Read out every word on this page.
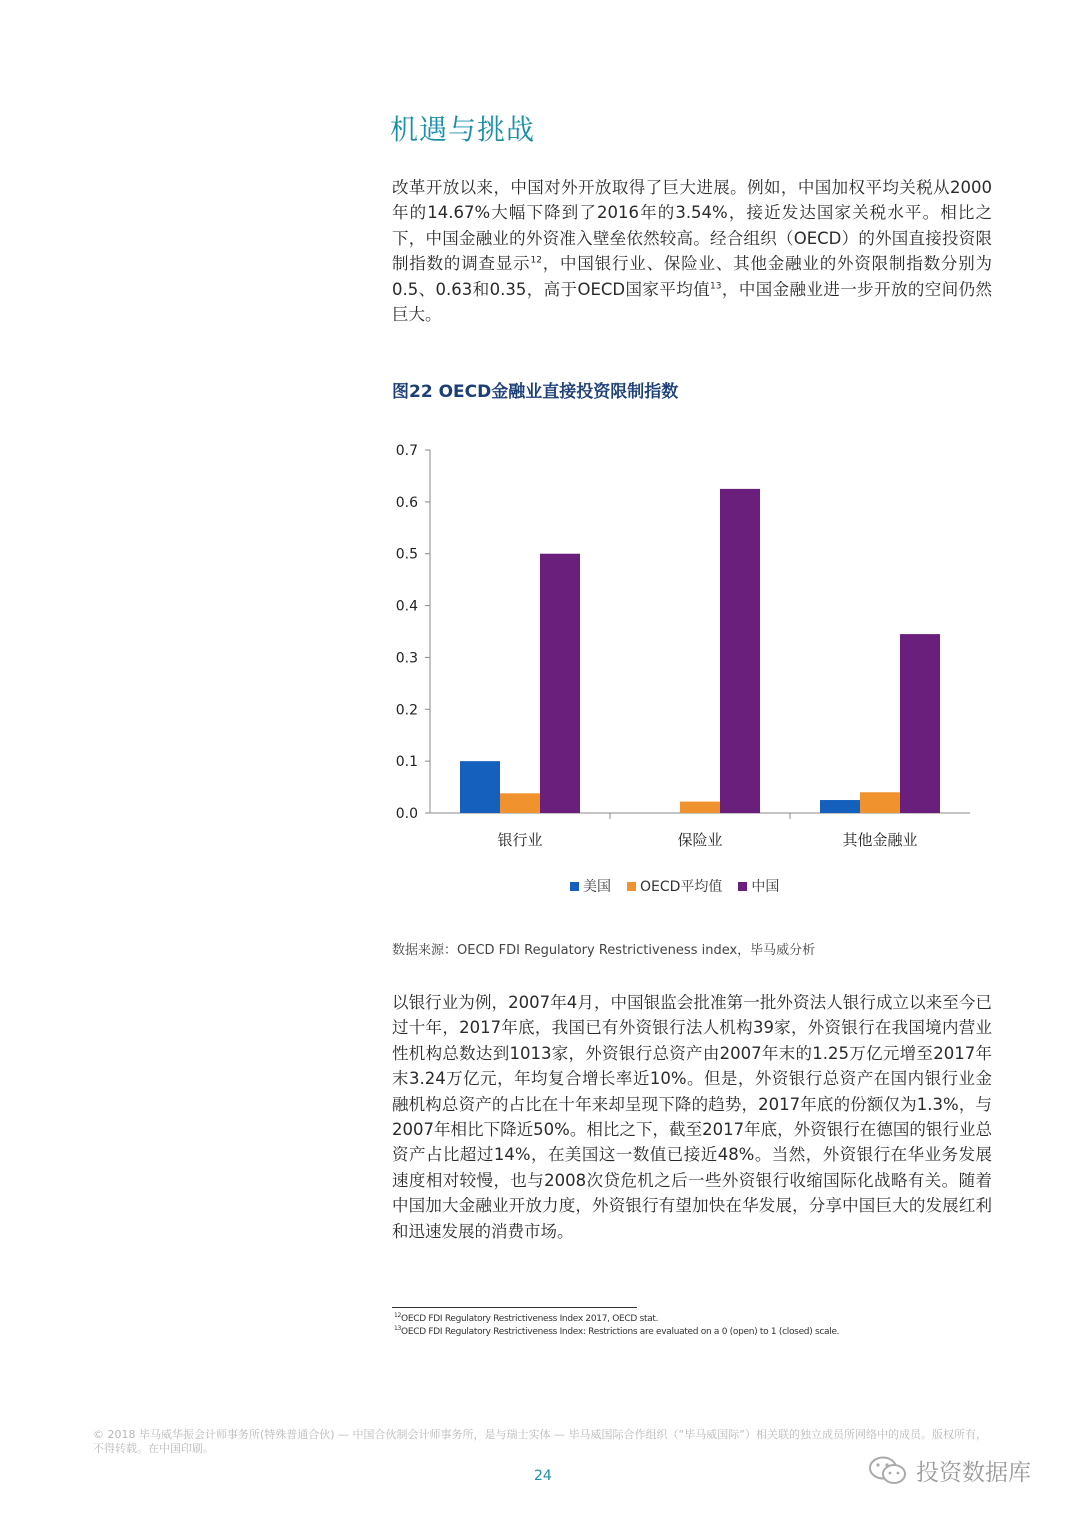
机遇与挑战

改革开放以来，中国对外开放取得了巨大进展。例如，中国加权平均关税从2000年的14.67%大幅下降到了2016年的3.54%，接近发达国家关税水平。相比之下，中国金融业的外资准入壁垒依然较高。经合组织（OECD）的外国直接投资限制指数的调查显示$^{12}$，中国银行业、保险业、其他金融业的外资限制指数分别为0.5、0.63和0.35，高于OECD国家平均值$^{13}$，中国金融业进一步开放的空间仍然巨大。

图22 OECD金融业直接投资限制指数
0.0
0.1
0.2
0.3
0.4
0.5
0.6
0.7
银行业	保险业	其他金融业
美国 OECD平均值 中国
数据来源：OECD FDI Regulatory Restrictiveness index，毕马威分析

以银行业为例，2007年4月，中国银监会批准第一批外资法人银行成立以来至今已过十年，2017年底，我国已有外资银行法人机构39家，外资银行在我国境内营业性机构总数达到1013家，外资银行总资产由2007年末的1.25万亿元增至2017年末3.24万亿元，年均复合增长率近10%。但是，外资银行总资产在国内银行业金融机构总资产的占比在十年来却呈现下降的趋势，2017年底的份额仅为1.3%，与2007年相比下降近50%。相比之下，截至2017年底，外资银行在德国的银行业总资产占比超过14%，在美国这一数值已接近48%。当然，外资银行在华业务发展速度相对较慢，也与2008次贷危机之后一些外资银行收缩国际化战略有关。随着中国加大金融业开放力度，外资银行有望加快在华发展，分享中国巨大的发展红利和迅速发展的消费市场。

$^{12}$OECD FDI Regulatory Restrictiveness Index 2017, OECD stat.
$^{13}$OECD FDI Regulatory Restrictiveness Index: Restrictions are evaluated on a 0 (open) to 1 (closed) scale.
© 2018 毕马威华振会计师事务所(特殊普通合伙) — 中国合伙制会计师事务所，是与瑞士实体 — 毕马威国际合作组织（“毕马威国际”）相关联的独立成员所网络中的成员。版权所有，不得转载。在中国印刷。
24	投资数据库
